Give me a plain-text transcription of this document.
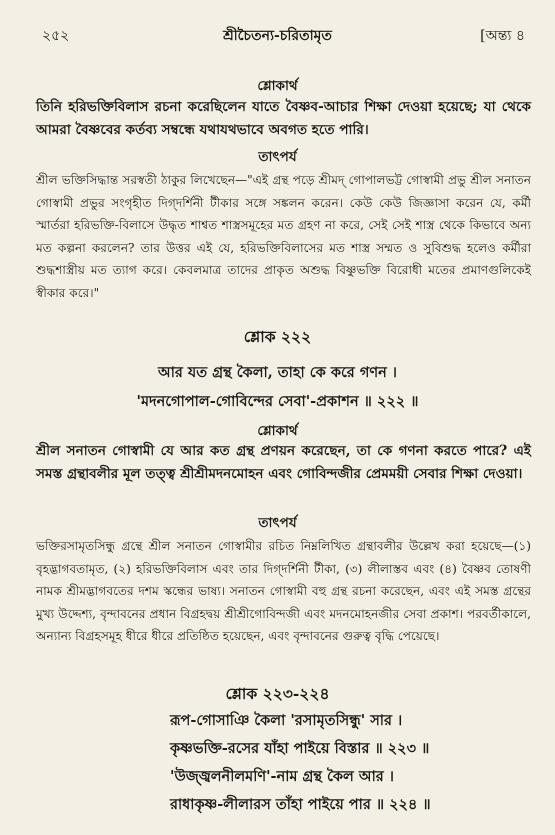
২৫২	শ্রীচৈতন্য-চরিতামৃত	[অন্ত্য ৪
শ্লোকার্থ

তিনি হরিভক্তিবিলাস রচনা করেছিলেন যাতে বৈষ্ণব-আচার শিক্ষা দেওয়া হয়েছে; যা থেকে আমরা বৈষ্ণবের কর্তব্য সম্বন্ধে যথাযথভাবে অবগত হতে পারি।

তাৎপর্য

শ্রীল ভক্তিসিদ্ধান্ত সরস্বতী ঠাকুর লিখেছেন—"এই গ্রন্থ পড়ে শ্রীমদ্ গোপালভট্ট গোস্বামী প্রভু শ্রীল সনাতন গোস্বামী প্রভুর সংগৃহীত দিগ্‌দর্শিনী টীকার সঙ্গে সঙ্কলন করেন। কেউ কেউ জিজ্ঞাসা করেন যে, কর্মী স্মার্তরা হরিভক্তি-বিলাসে উদ্ধৃত শাশ্বত শাস্ত্রসমূহের মত গ্রহণ না করে, সেই সেই শাস্ত্র থেকে কিভাবে অন্য মত কল্পনা করলেন? তার উত্তর এই যে, হরিভক্তিবিলাসের মত শাস্ত্র সম্মত ও সুবিশুদ্ধ হলেও কর্মীরা শুদ্ধশাস্ত্রীয় মত ত্যাগ করে। কেবলমাত্র তাদের প্রাকৃত অশুদ্ধ বিষ্ণুভক্তি বিরোধী মতের প্রমাণগুলিকেই স্বীকার করে।"

শ্লোক ২২২
আর যত গ্রন্থ কৈলা, তাহা কে করে গণন ।
'মদনগোপাল-গোবিন্দের সেবা'-প্রকাশন ॥ ২২২ ॥
শ্লোকার্থ

শ্রীল সনাতন গোস্বামী যে আর কত গ্রন্থ প্রণয়ন করেছেন, তা কে গণনা করতে পারে? এই সমস্ত গ্রন্থাবলীর মূল তত্ত্ব শ্রীশ্রীমদনমোহন এবং গোবিন্দজীর প্রেমময়ী সেবার শিক্ষা দেওয়া।

তাৎপর্য

ভক্তিরসামৃতসিন্ধু গ্রন্থে শ্রীল সনাতন গোস্বামীর রচিত নিম্নলিখিত গ্রন্থাবলীর উল্লেখ করা হয়েছে—(১) বৃহদ্ভাগবতামৃত, (২) হরিভক্তিবিলাস এবং তার দিগ্‌দর্শিনী টীকা, (৩) লীলাস্তব এবং (৪) বৈষ্ণব তোষণী নামক শ্রীমদ্ভাগবতের দশম স্কন্ধের ভাষ্য। সনাতন গোস্বামী বহু গ্রন্থ রচনা করেছেন, এবং এই সমস্ত গ্রন্থের মুখ্য উদ্দেশ্য, বৃন্দাবনের প্রধান বিগ্রহদ্বয় শ্রীশ্রীগোবিন্দজী এবং মদনমোহনজীর সেবা প্রকাশ। পরবর্তীকালে, অন্যান্য বিগ্রহসমূহ ধীরে ধীরে প্রতিষ্ঠিত হয়েছেন, এবং বৃন্দাবনের গুরুত্ব বৃদ্ধি পেয়েছে।

শ্লোক ২২৩-২২৪
রূপ-গোসাঞি কৈলা 'রসামৃতসিন্ধু' সার ।
কৃষ্ণভক্তি-রসের যাঁহা পাইয়ে বিস্তার ॥ ২২৩ ॥
'উজ্জ্বলনীলমণি'-নাম গ্রন্থ কৈল আর ।
রাধাকৃষ্ণ-লীলারস তাঁহা পাইয়ে পার ॥ ২২৪ ॥
